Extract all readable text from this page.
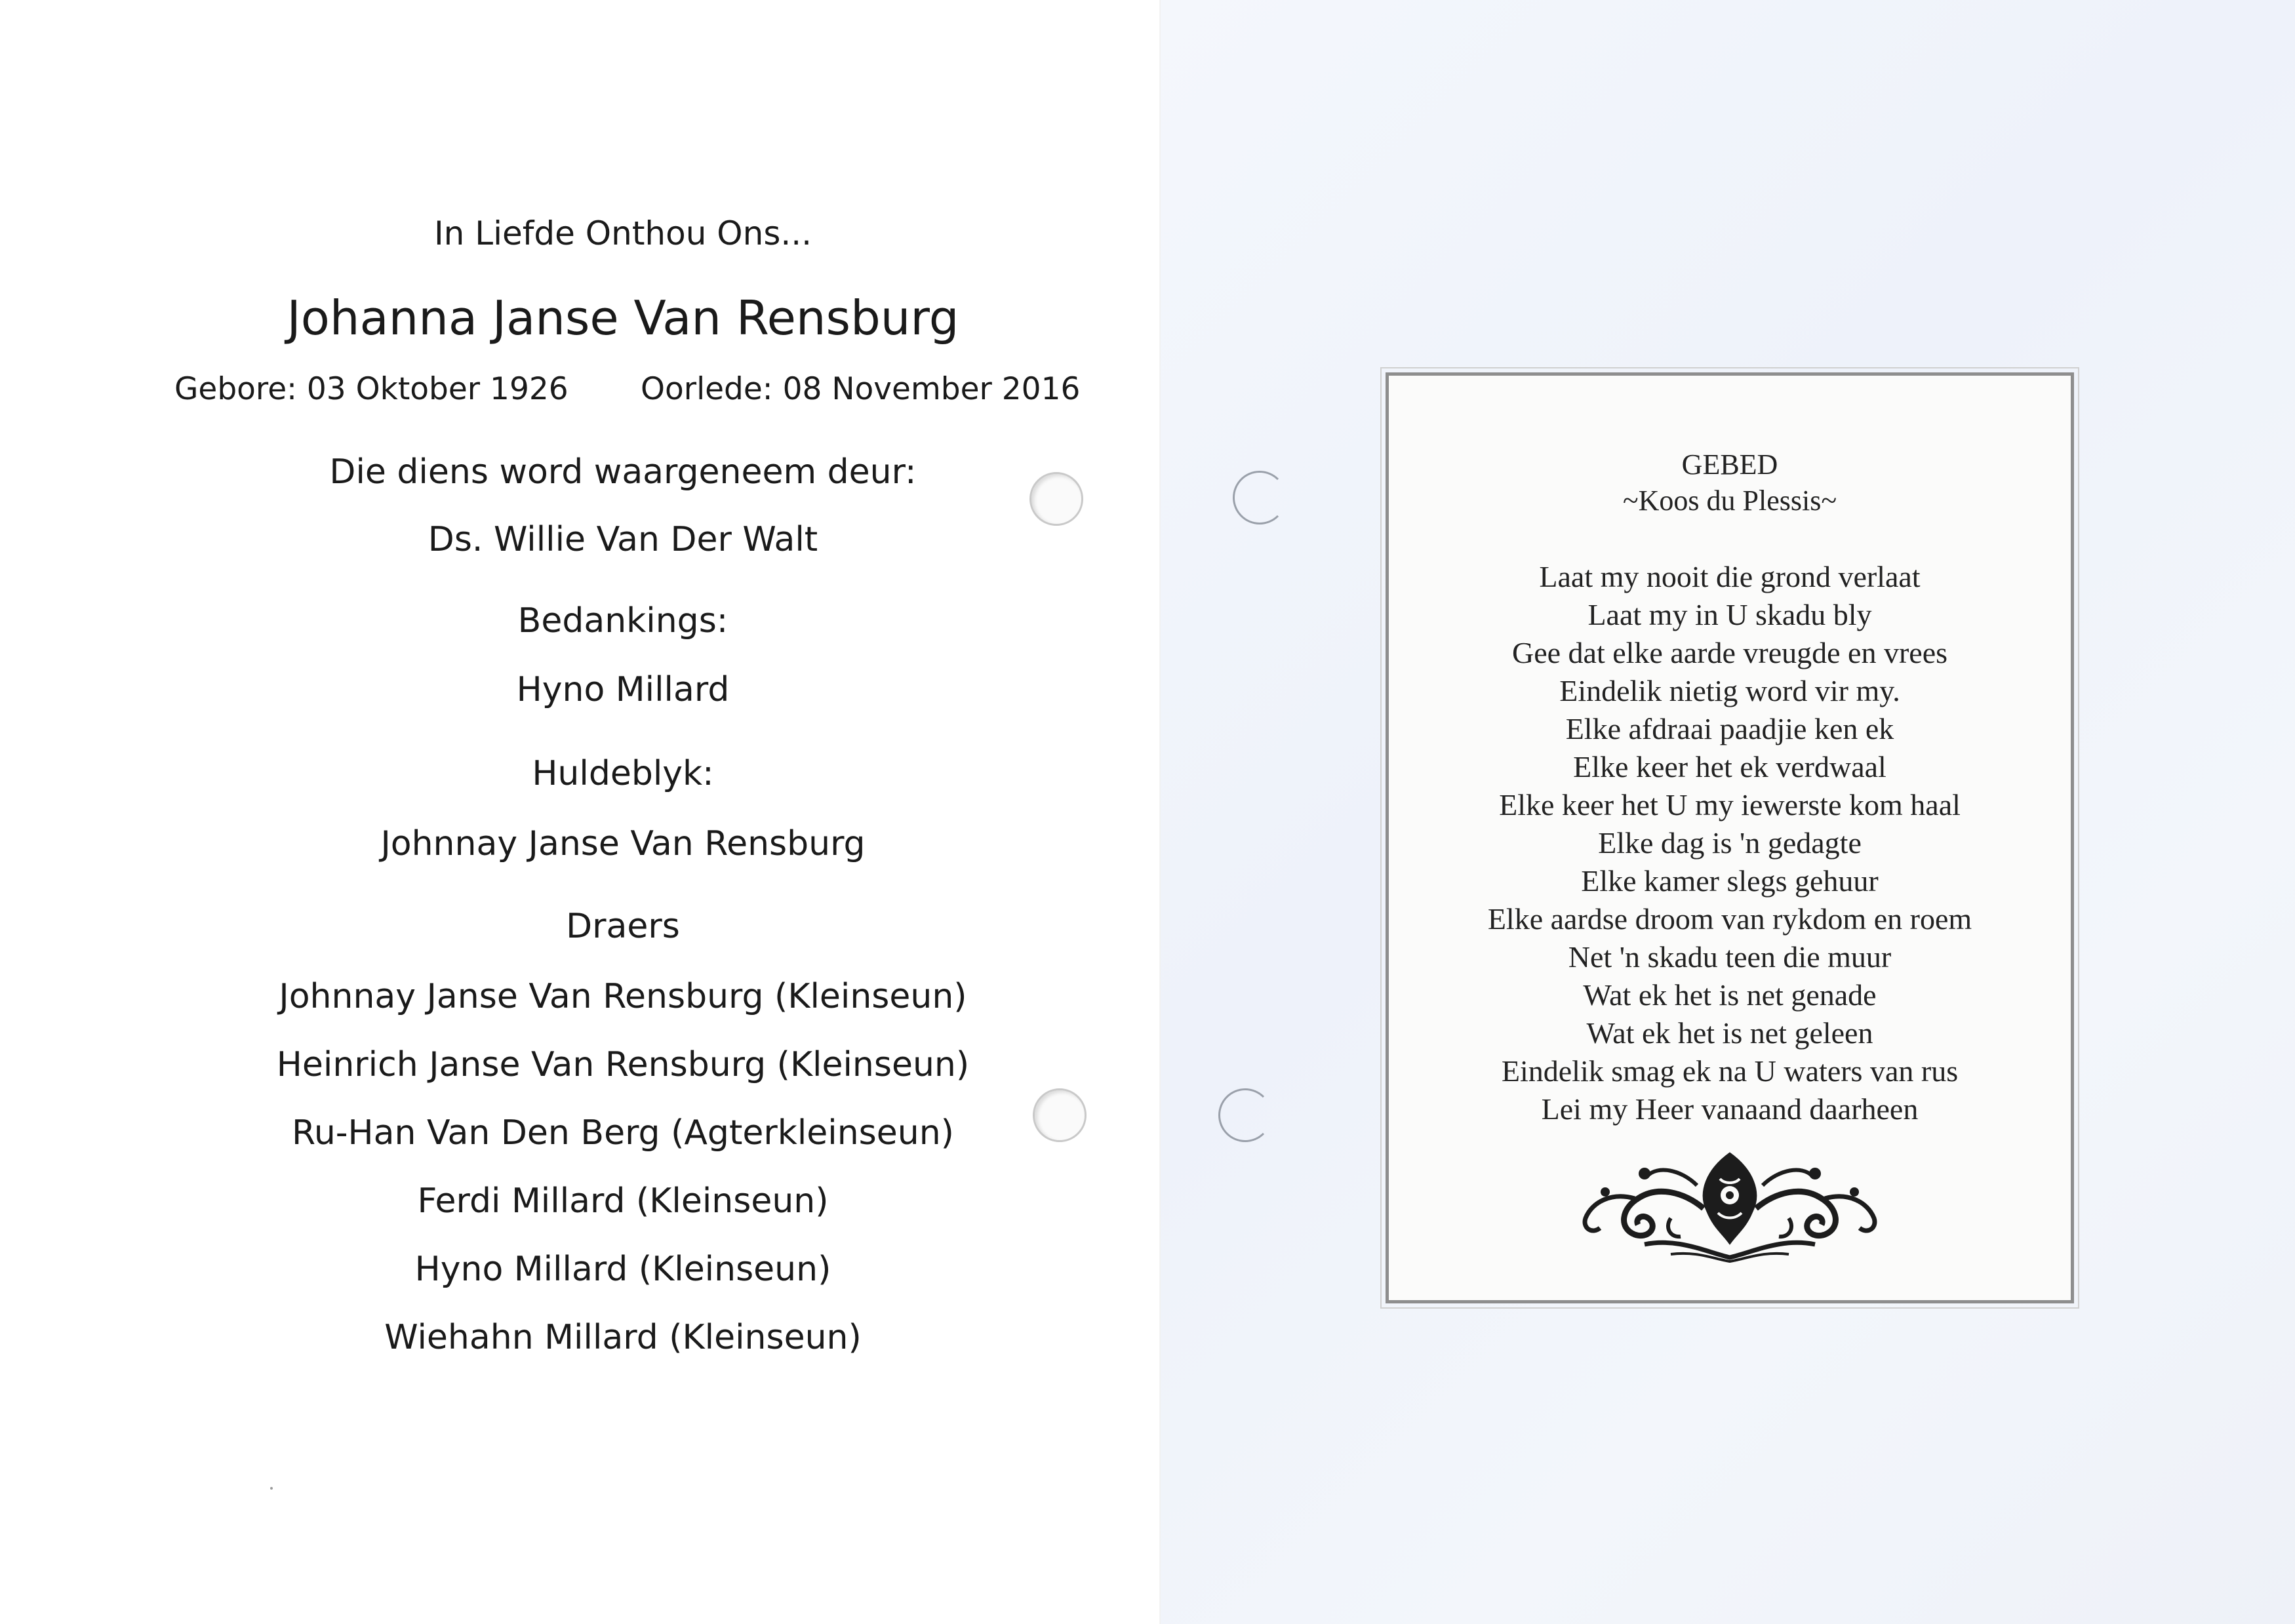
In Liefde Onthou Ons...
Johanna Janse Van Rensburg
Gebore: 03 Oktober 1926 Oorlede: 08 November 2016
Die diens word waargeneem deur:
Ds. Willie Van Der Walt
Bedankings:
Hyno Millard
Huldeblyk:
Johnnay Janse Van Rensburg
Draers
Johnnay Janse Van Rensburg (Kleinseun)
Heinrich Janse Van Rensburg (Kleinseun)
Ru-Han Van Den Berg (Agterkleinseun)
Ferdi Millard (Kleinseun)
Hyno Millard (Kleinseun)
Wiehahn Millard (Kleinseun)
GEBED
~Koos du Plessis~
Laat my nooit die grond verlaat
Laat my in U skadu bly
Gee dat elke aarde vreugde en vrees
Eindelik nietig word vir my.
Elke afdraai paadjie ken ek
Elke keer het ek verdwaal
Elke keer het U my iewerste kom haal
Elke dag is 'n gedagte
Elke kamer slegs gehuur
Elke aardse droom van rykdom en roem
Net 'n skadu teen die muur
Wat ek het is net genade
Wat ek het is net geleen
Eindelik smag ek na U waters van rus
Lei my Heer vanaand daarheen
